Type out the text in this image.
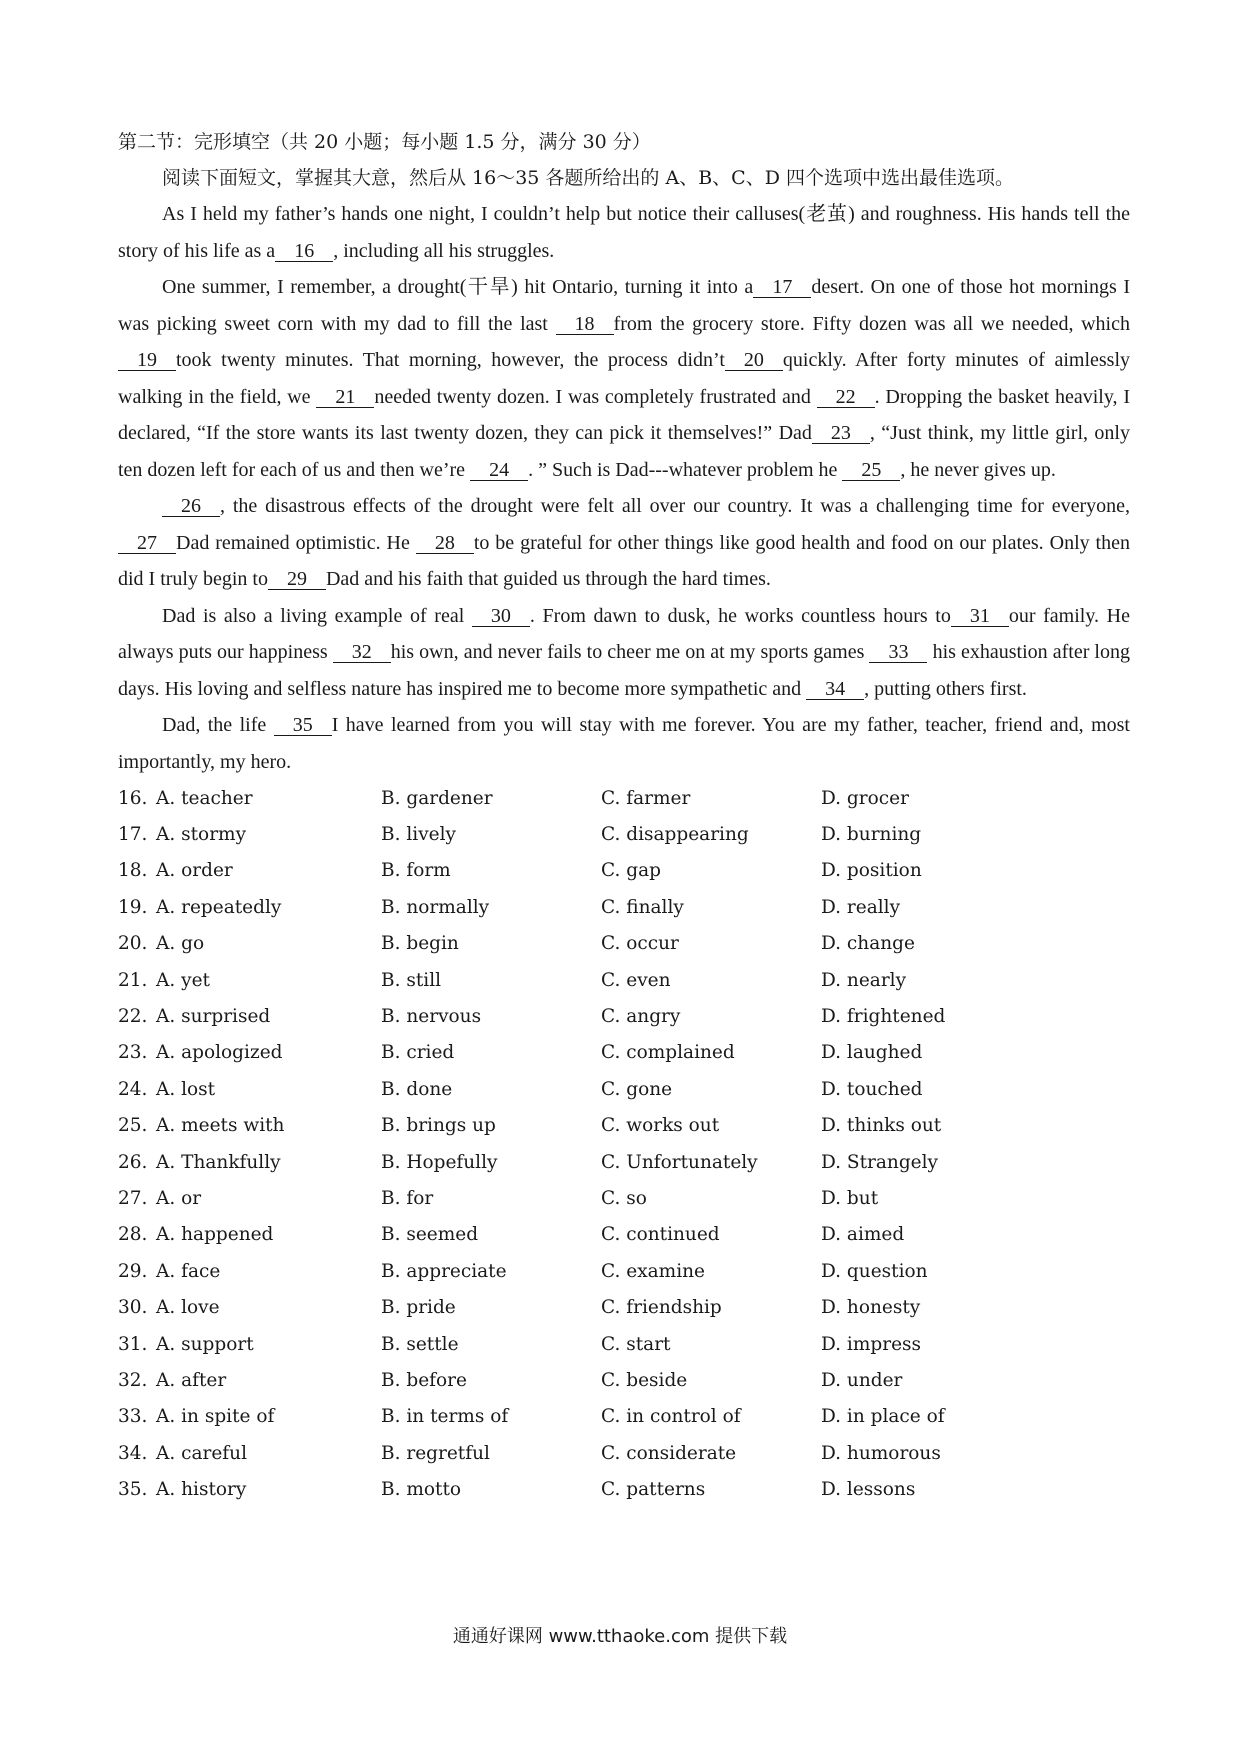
第二节：完形填空（共 20 小题；每小题 1.5 分，满分 30 分）

阅读下面短文，掌握其大意，然后从 16～35 各题所给出的 A、B、C、D 四个选项中选出最佳选项。

As I held my father’s hands one night, I couldn’t help but notice their calluses(老茧) and roughness. His hands tell the story of his life as a 16 , including all his struggles.

One summer, I remember, a drought(干旱) hit Ontario, turning it into a 17 desert. On one of those hot mornings I was picking sweet corn with my dad to fill the last 18 from the grocery store. Fifty dozen was all we needed, which 19 took twenty minutes. That morning, however, the process didn’t 20 quickly. After forty minutes of aimlessly walking in the field, we 21 needed twenty dozen. I was completely frustrated and 22 . Dropping the basket heavily, I declared, “If the store wants its last twenty dozen, they can pick it themselves!” Dad 23 , “Just think, my little girl, only ten dozen left for each of us and then we’re 24 . ” Such is Dad---whatever problem he 25 , he never gives up.

26 , the disastrous effects of the drought were felt all over our country. It was a challenging time for everyone,27 Dad remained optimistic. He 28 to be grateful for other things like good health and food on our plates. Only then did I truly begin to 29 Dad and his faith that guided us through the hard times.

Dad is also a living example of real 30 . From dawn to dusk, he works countless hours to 31 our family. He always puts our happiness 32 his own, and never fails to cheer me on at my sports games 33 his exhaustion after long days. His loving and selfless nature has inspired me to become more sympathetic and 34 , putting others first.

Dad, the life 35 I have learned from you will stay with me forever. You are my father, teacher, friend and, most importantly, my hero.

16. A. teacher	B. gardener	C. farmer	D. grocer
17. A. stormy	B. lively	C. disappearing	D. burning
18. A. order	B. form	C. gap	D. position
19. A. repeatedly	B. normally	C. finally	D. really
20. A. go	B. begin	C. occur	D. change
21. A. yet	B. still	C. even	D. nearly
22. A. surprised	B. nervous	C. angry	D. frightened
23. A. apologized	B. cried	C. complained	D. laughed
24. A. lost	B. done	C. gone	D. touched
25. A. meets with	B. brings up	C. works out	D. thinks out
26. A. Thankfully	B. Hopefully	C. Unfortunately	D. Strangely
27. A. or	B. for	C. so	D. but
28. A. happened	B. seemed	C. continued	D. aimed
29. A. face	B. appreciate	C. examine	D. question
30. A. love	B. pride	C. friendship	D. honesty
31. A. support	B. settle	C. start	D. impress
32. A. after	B. before	C. beside	D. under
33. A. in spite of	B. in terms of	C. in control of	D. in place of
34. A. careful	B. regretful	C. considerate	D. humorous
35. A. history	B. motto	C. patterns	D. lessons
通通好课网 www.tthaoke.com 提供下载
